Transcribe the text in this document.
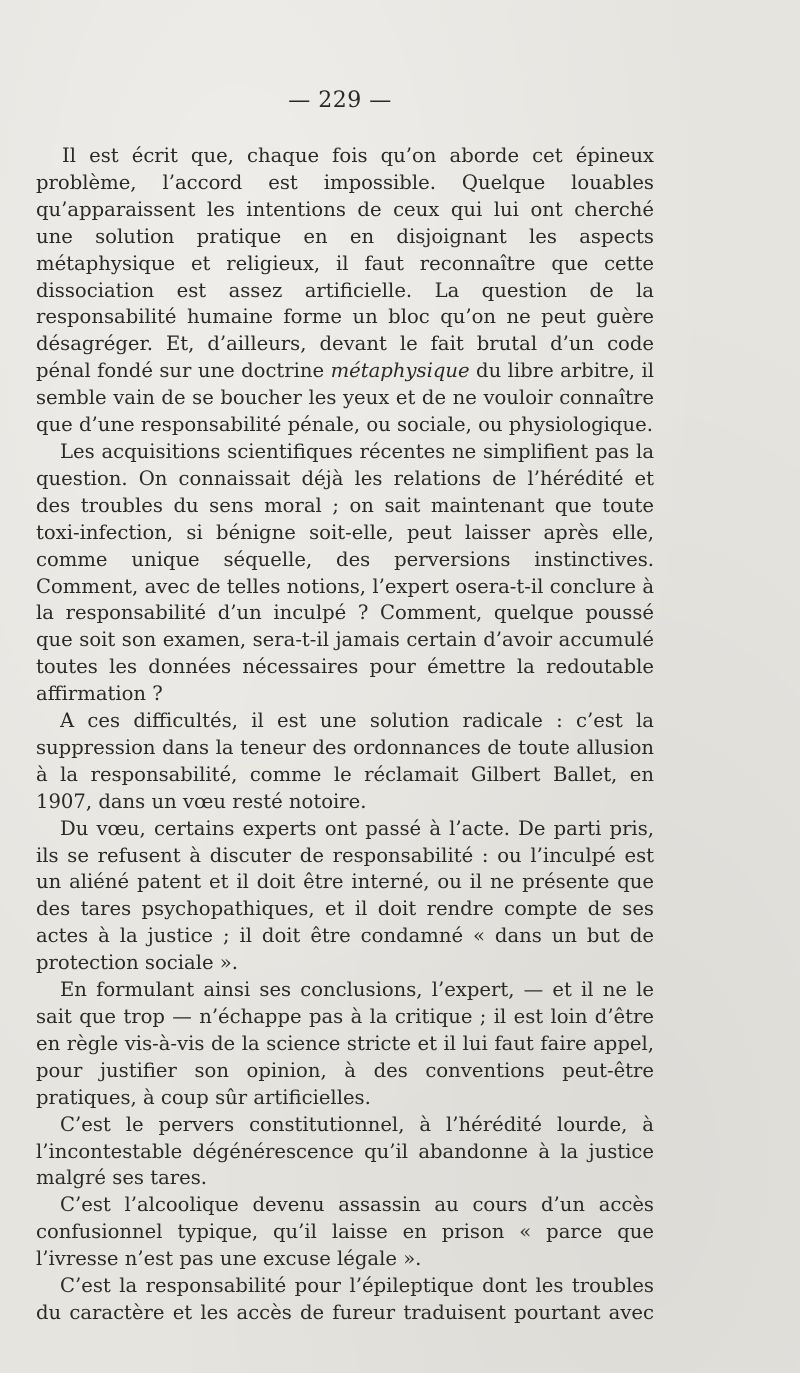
— 229 —

Il est écrit que, chaque fois qu’on aborde cet épineux problème, l’accord est impossible. Quelque louables qu’apparaissent les intentions de ceux qui lui ont cherché une solution pratique en en disjoignant les aspects métaphysique et religieux, il faut reconnaître que cette dissociation est assez artificielle. La question de la responsabilité humaine forme un bloc qu’on ne peut guère désagréger. Et, d’ailleurs, devant le fait brutal d’un code pénal fondé sur une doctrine métaphysique du libre arbitre, il semble vain de se boucher les yeux et de ne vouloir connaître que d’une responsabilité pénale, ou sociale, ou physiologique.

Les acquisitions scientifiques récentes ne simplifient pas la question. On connaissait déjà les relations de l’hérédité et des troubles du sens moral ; on sait maintenant que toute toxi-infection, si bénigne soit-elle, peut laisser après elle, comme unique séquelle, des perversions instinctives. Comment, avec de telles notions, l’expert osera-t-il conclure à la responsabilité d’un inculpé ? Comment, quelque poussé que soit son examen, sera-t-il jamais certain d’avoir accumulé toutes les données nécessaires pour émettre la redoutable affirmation ?

A ces difficultés, il est une solution radicale : c’est la suppression dans la teneur des ordonnances de toute allusion à la responsabilité, comme le réclamait Gilbert Ballet, en 1907, dans un vœu resté notoire.

Du vœu, certains experts ont passé à l’acte. De parti pris, ils se refusent à discuter de responsabilité : ou l’inculpé est un aliéné patent et il doit être interné, ou il ne présente que des tares psychopathiques, et il doit rendre compte de ses actes à la justice ; il doit être condamné « dans un but de protection sociale ».

En formulant ainsi ses conclusions, l’expert, — et il ne le sait que trop — n’échappe pas à la critique ; il est loin d’être en règle vis-à-vis de la science stricte et il lui faut faire appel, pour justifier son opinion, à des conventions peut-être pratiques, à coup sûr artificielles.

C’est le pervers constitutionnel, à l’hérédité lourde, à l’incontestable dégénérescence qu’il abandonne à la justice malgré ses tares.

C’est l’alcoolique devenu assassin au cours d’un accès confusionnel typique, qu’il laisse en prison « parce que l’ivresse n’est pas une excuse légale ».

C’est la responsabilité pour l’épileptique dont les troubles du caractère et les accès de fureur traduisent pourtant avec
